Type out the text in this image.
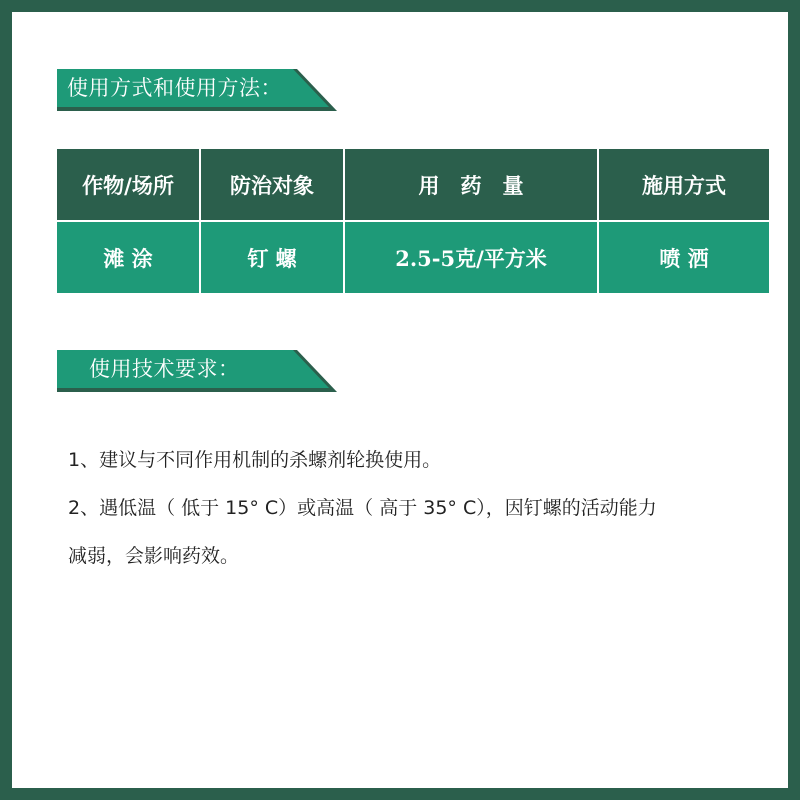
使用方式和使用方法：
作物/场所	防治对象	用　药　量	施用方式
滩 涂	钉 螺	2.5-5克/平方米	喷 洒
使用技术要求：
1、建议与不同作用机制的杀螺剂轮换使用。
2、遇低温（ 低于 15° C）或高温（ 高于 35° C），因钉螺的活动能力
减弱，会影响药效。
